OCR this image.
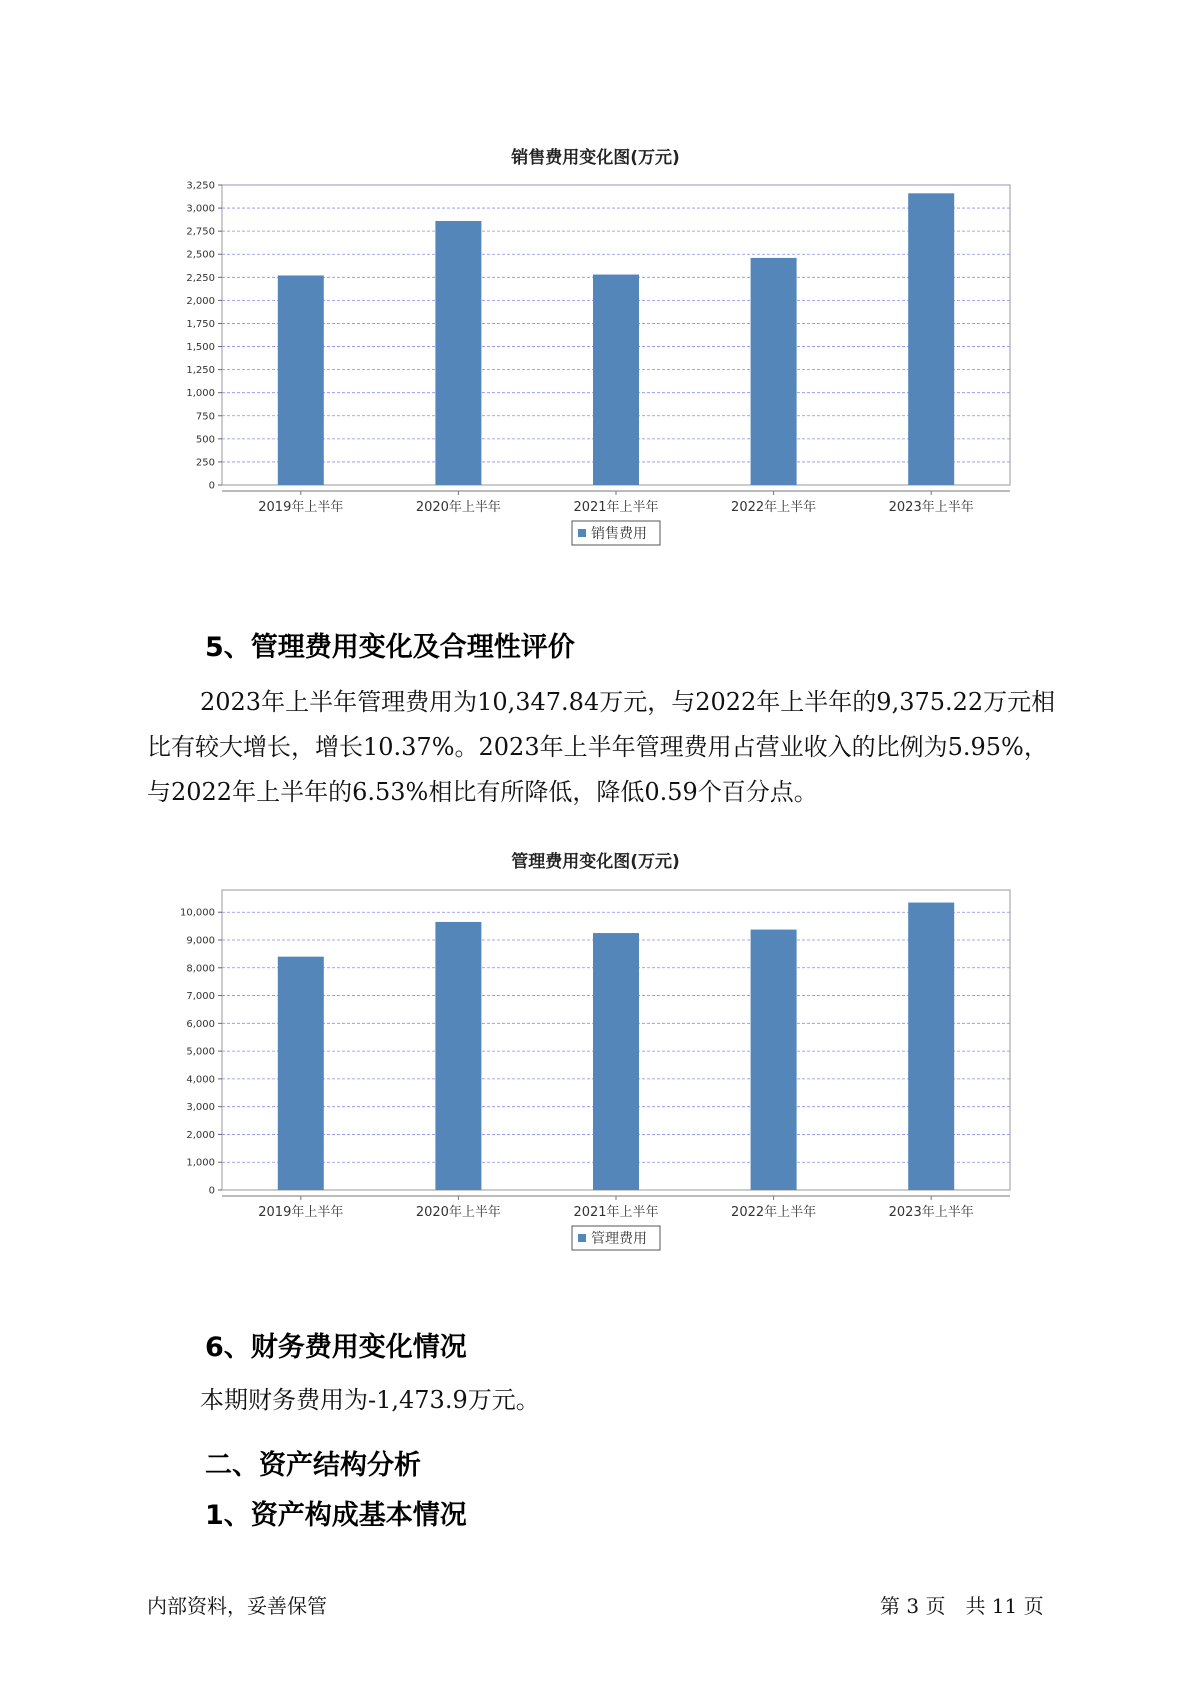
销售费用变化图(万元)
0
250
500
750
1,000
1,250
1,500
1,750
2,000
2,250
2,500
2,750
3,000
3,250
2019年上半年	2020年上半年	2021年上半年	2022年上半年	2023年上半年
销售费用
5、管理费用变化及合理性评价

2023年上半年管理费用为10,347.84万元，与2022年上半年的9,375.22万元相比有较大增长，增长10.37%。2023年上半年管理费用占营业收入的比例为5.95%，与2022年上半年的6.53%相比有所降低，降低0.59个百分点。

管理费用变化图(万元)
0
1,000
2,000
3,000
4,000
5,000
6,000
7,000
8,000
9,000
10,000
2019年上半年	2020年上半年	2021年上半年	2022年上半年	2023年上半年
管理费用
6、财务费用变化情况

本期财务费用为-1,473.9万元。

二、资产结构分析
1、资产构成基本情况
内部资料，妥善保管	第 3 页　共 11 页
